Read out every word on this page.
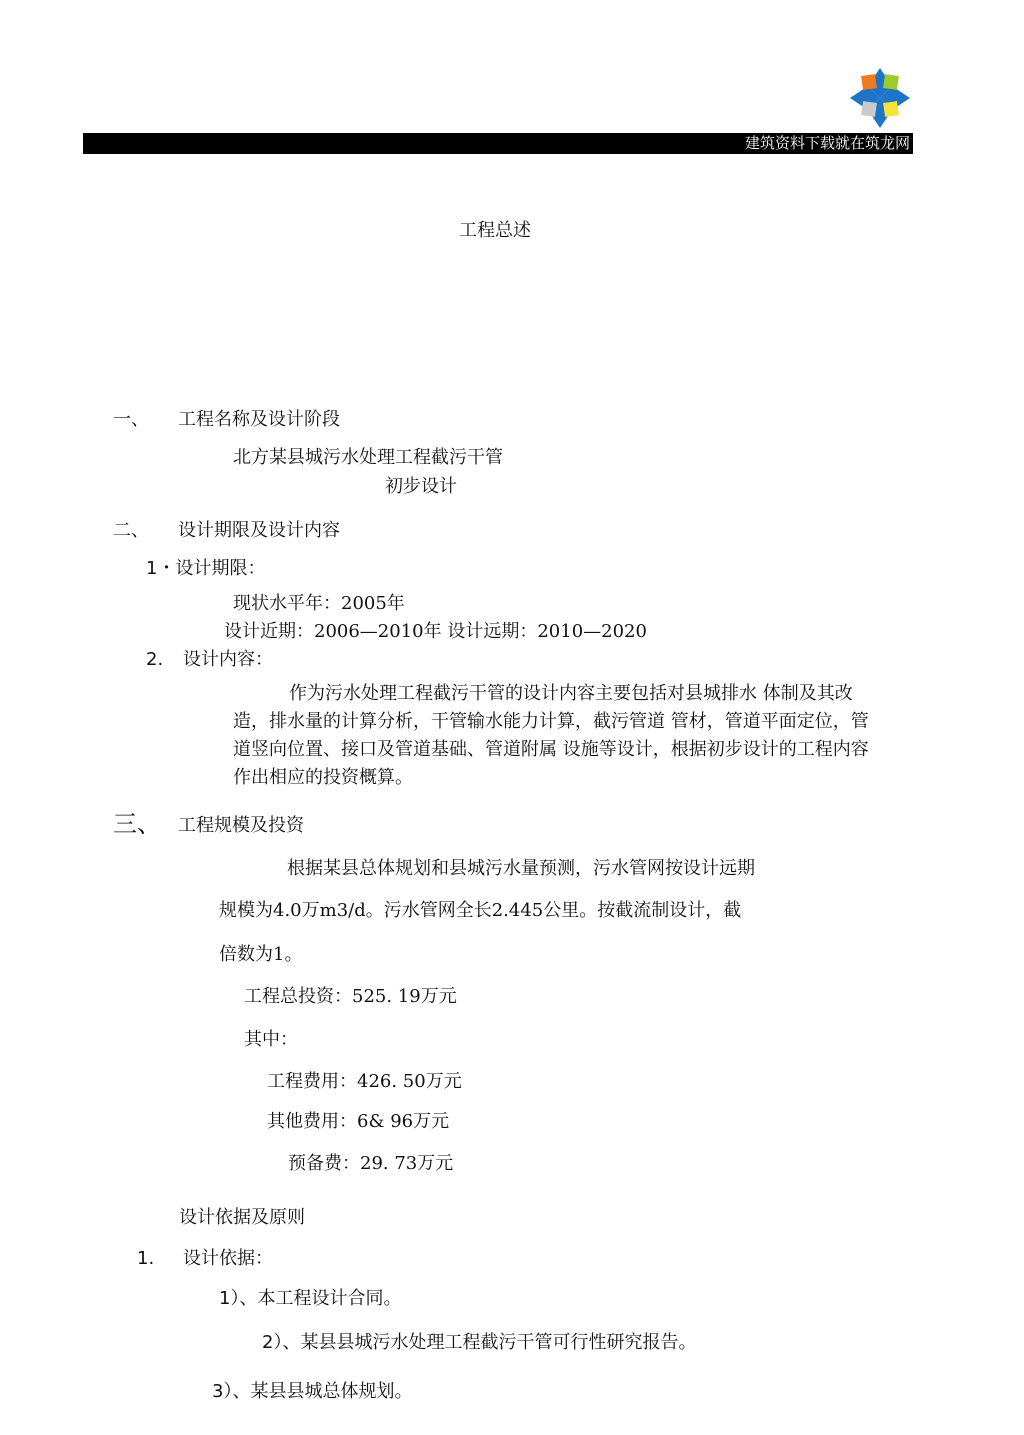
建筑资料下载就在筑龙网
工程总述
一、 工程名称及设计阶段
北方某县城污水处理工程截污干管
初步设计
二、 设计期限及设计内容
1・设计期限：
现状水平年：2005年
设计近期：2006—2010年 设计远期：2010—2020
2. 设计内容：
作为污水处理工程截污干管的设计内容主要包括对县城排水 体制及其改
造，排水量的计算分析，干管输水能力计算，截污管道 管材，管道平面定位，管
道竖向位置、接口及管道基础、管道附属 设施等设计，根据初步设计的工程内容
作出相应的投资概算。
三、 工程规模及投资
根据某县总体规划和县城污水量预测，污水管网按设计远期
规模为4.0万m3/d。污水管网全长2.445公里。按截流制设计，截
倍数为1。
工程总投资：525. 19万元
其中：
工程费用：426. 50万元
其他费用：6& 96万元
预备费：29. 73万元
设计依据及原则
1. 设计依据：
1）、本工程设计合同。
2）、某县县城污水处理工程截污干管可行性研究报告。
3）、某县县城总体规划。
